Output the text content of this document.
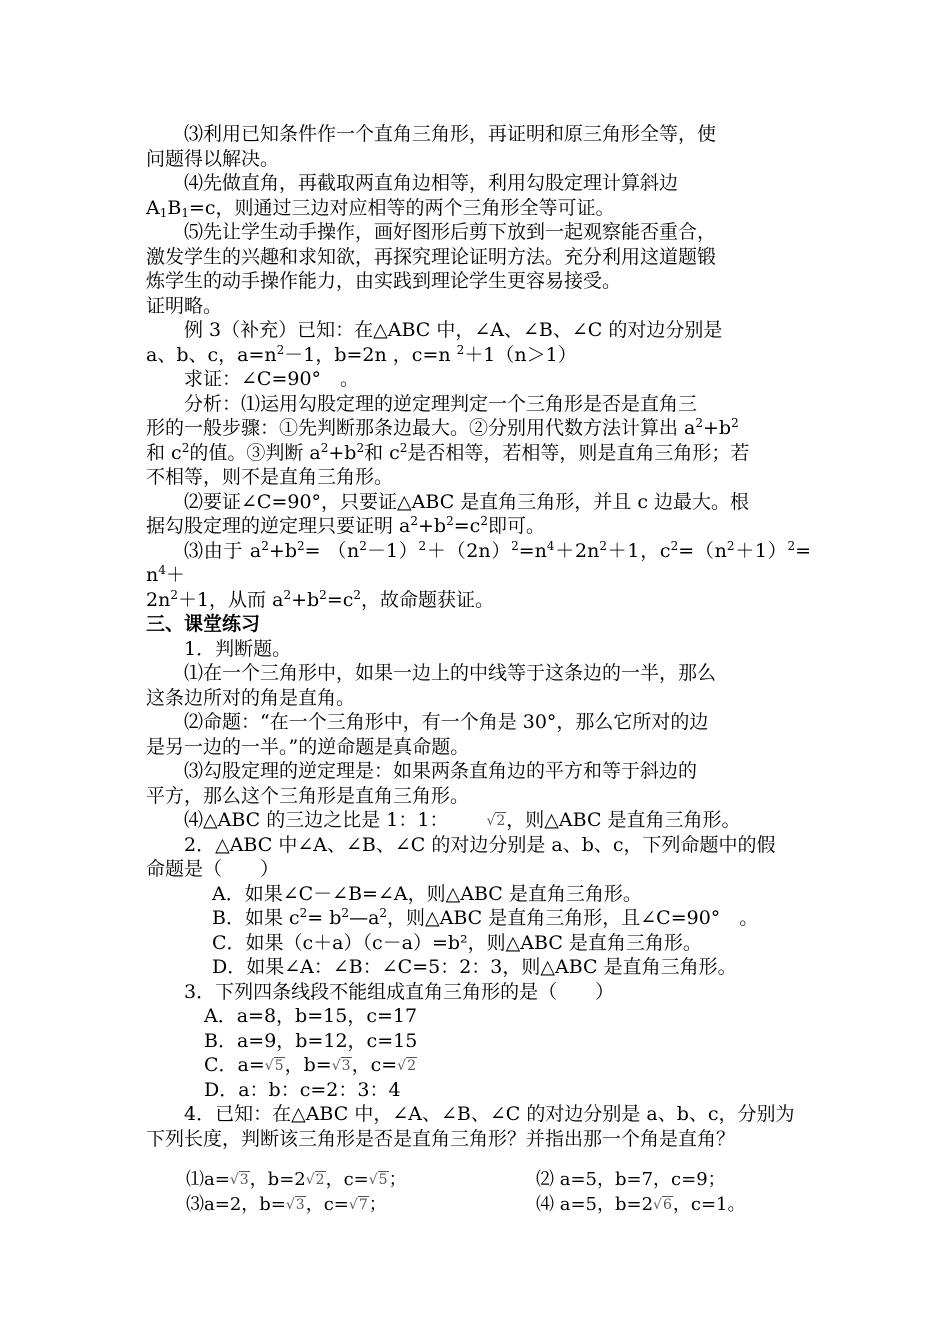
⑶利用已知条件作一个直角三角形，再证明和原三角形全等，使

问题得以解决。

⑷先做直角，再截取两直角边相等，利用勾股定理计算斜边

$A_1B_1=c$，则通过三边对应相等的两个三角形全等可证。

⑸先让学生动手操作，画好图形后剪下放到一起观察能否重合，

激发学生的兴趣和求知欲，再探究理论证明方法。充分利用这道题锻

炼学生的动手操作能力，由实践到理论学生更容易接受。

证明略。

例 3（补充）已知：在△ABC 中，∠A、∠B、∠C 的对边分别是

a、b、c，$a=n^2-1$，b=2n ，c=n $^2$＋1（n＞1）

求证：∠C=90°　。

分析：⑴运用勾股定理的逆定理判定一个三角形是否是直角三

形的一般步骤：①先判断那条边最大。②分别用代数方法计算出 $a^2+b^2$

和 $c^2$的值。③判断 $a^2+b^2$和 $c^2$是否相等，若相等，则是直角三角形；若

不相等，则不是直角三角形。

⑵要证∠C=90°，只要证△ABC 是直角三角形，并且 c 边最大。根

据勾股定理的逆定理只要证明 $a^2+b^2=c^2$即可。

⑶由于 $a^2+b^2= (n^2-1)^2+(2n)^2=n^4+2n^2+1$，$c^2=(n^2+1)^2= n^4+$

$2n^2+1$，从而 $a^2+b^2=c^2$，故命题获证。

三、课堂练习

1．判断题。

⑴在一个三角形中，如果一边上的中线等于这条边的一半，那么

这条边所对的角是直角。

⑵命题：“在一个三角形中，有一个角是 30°，那么它所对的边

是另一边的一半。”的逆命题是真命题。

⑶勾股定理的逆定理是：如果两条直角边的平方和等于斜边的

平方，那么这个三角形是直角三角形。

⑷△ABC 的三边之比是 1：1：	√2，则△ABC 是直角三角形。

2．△ABC 中∠A、∠B、∠C 的对边分别是 a、b、c，下列命题中的假

命题是（　　）

A．如果∠C－∠B=∠A，则△ABC 是直角三角形。

B．如果 $c^2=$ $b^2—a^2$，则△ABC 是直角三角形，且∠C=90°　。

C．如果（c＋a）（c－a）=b²，则△ABC 是直角三角形。

D．如果∠A：∠B：∠C=5：2：3，则△ABC 是直角三角形。

3．下列四条线段不能组成直角三角形的是（　　）

A．a=8，b=15，c=17

B．a=9，b=12，c=15

C．a=√5，b=√3，c=√2

D．a：b：c=2：3：4

4．已知：在△ABC 中，∠A、∠B、∠C 的对边分别是 a、b、c，分别为

下列长度，判断该三角形是否是直角三角形？并指出那一个角是直角？

⑴a=√3，b=2√2，c=√5；	⑵ a=5，b=7，c=9；
⑶a=2，b=√3，c=√7；	⑷ a=5，b=2√6，c=1。
